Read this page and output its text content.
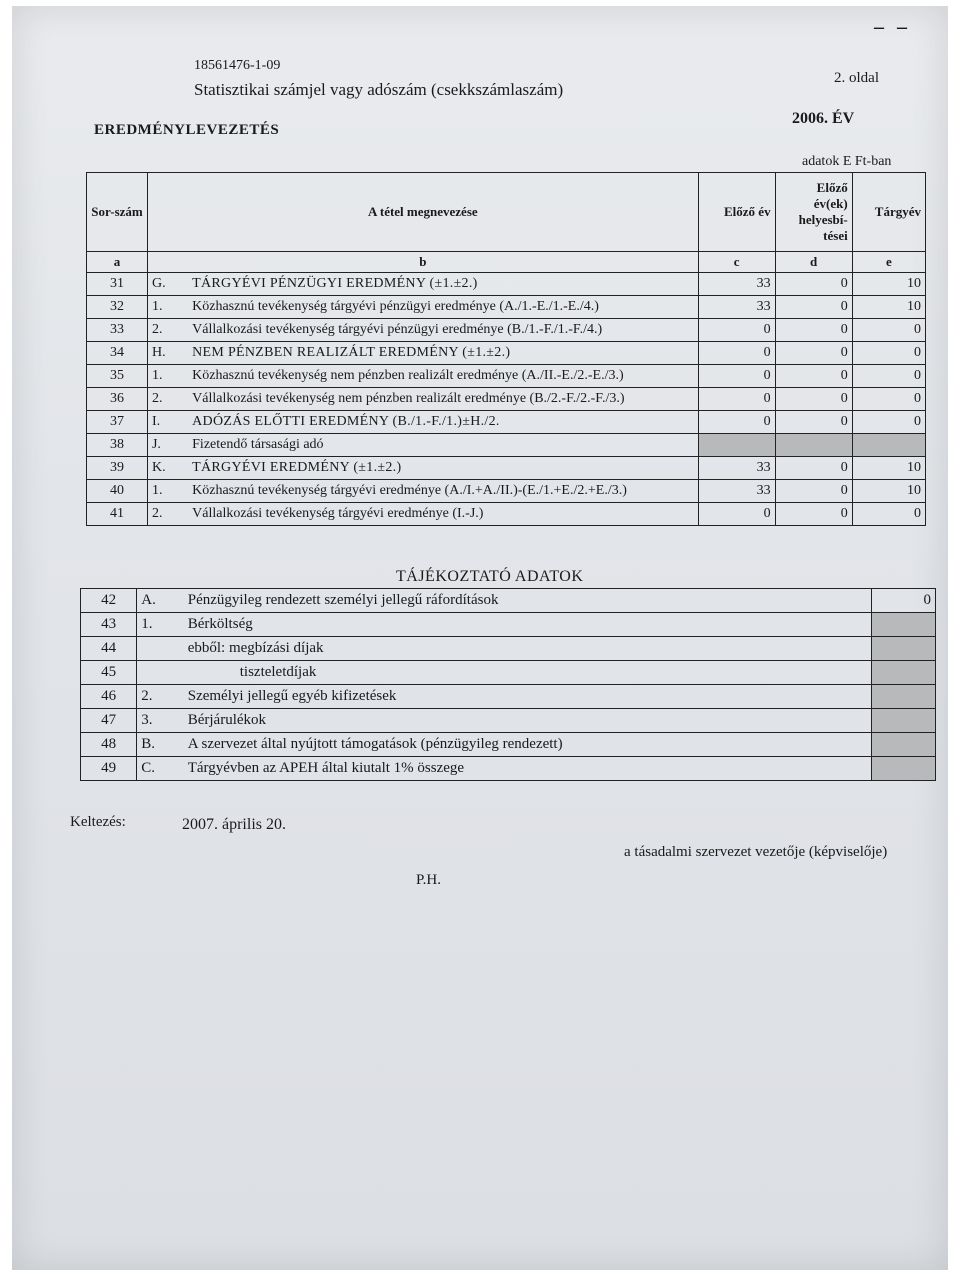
– –
18561476-1-09
Statisztikai számjel vagy adószám (csekkszámlaszám)
2. oldal
2006. ÉV
EREDMÉNYLEVEZETÉS
adatok E Ft-ban
Sor-szám	A tétel megnevezése		Előző év	Előző év(ek) helyesbí-tései	Tárgyév
a	b		c	d	e
31	G.	TÁRGYÉVI PÉNZÜGYI EREDMÉNY (±1.±2.)	33	0	10
32	1.	Közhasznú tevékenység tárgyévi pénzügyi eredménye (A./1.-E./1.-E./4.)	33	0	10
33	2.	Vállalkozási tevékenység tárgyévi pénzügyi eredménye (B./1.-F./1.-F./4.)	0	0	0
34	H.	NEM PÉNZBEN REALIZÁLT EREDMÉNY (±1.±2.)	0	0	0
35	1.	Közhasznú tevékenység nem pénzben realizált eredménye (A./II.-E./2.-E./3.)	0	0	0
36	2.	Vállalkozási tevékenység nem pénzben realizált eredménye (B./2.-F./2.-F./3.)	0	0	0
37	I.	ADÓZÁS ELŐTTI EREDMÉNY (B./1.-F./1.)±H./2.	0	0	0
38	J.	Fizetendő társasági adó			
39	K.	TÁRGYÉVI EREDMÉNY (±1.±2.)	33	0	10
40	1.	Közhasznú tevékenység tárgyévi eredménye (A./I.+A./II.)-(E./1.+E./2.+E./3.)	33	0	10
41	2.	Vállalkozási tevékenység tárgyévi eredménye (I.-J.)	0	0	0
TÁJÉKOZTATÓ ADATOK
42	A.	Pénzügyileg rendezett személyi jellegű ráfordítások	0
43	1.	Bérköltség	
44		ebből: megbízási díjak	
45		tiszteletdíjak	
46	2.	Személyi jellegű egyéb kifizetések	
47	3.	Bérjárulékok	
48	B.	A szervezet által nyújtott támogatások (pénzügyileg rendezett)	
49	C.	Tárgyévben az APEH által kiutalt 1% összege	
Keltezés:	2007. április 20.
a tásadalmi szervezet vezetője (képviselője)
P.H.
